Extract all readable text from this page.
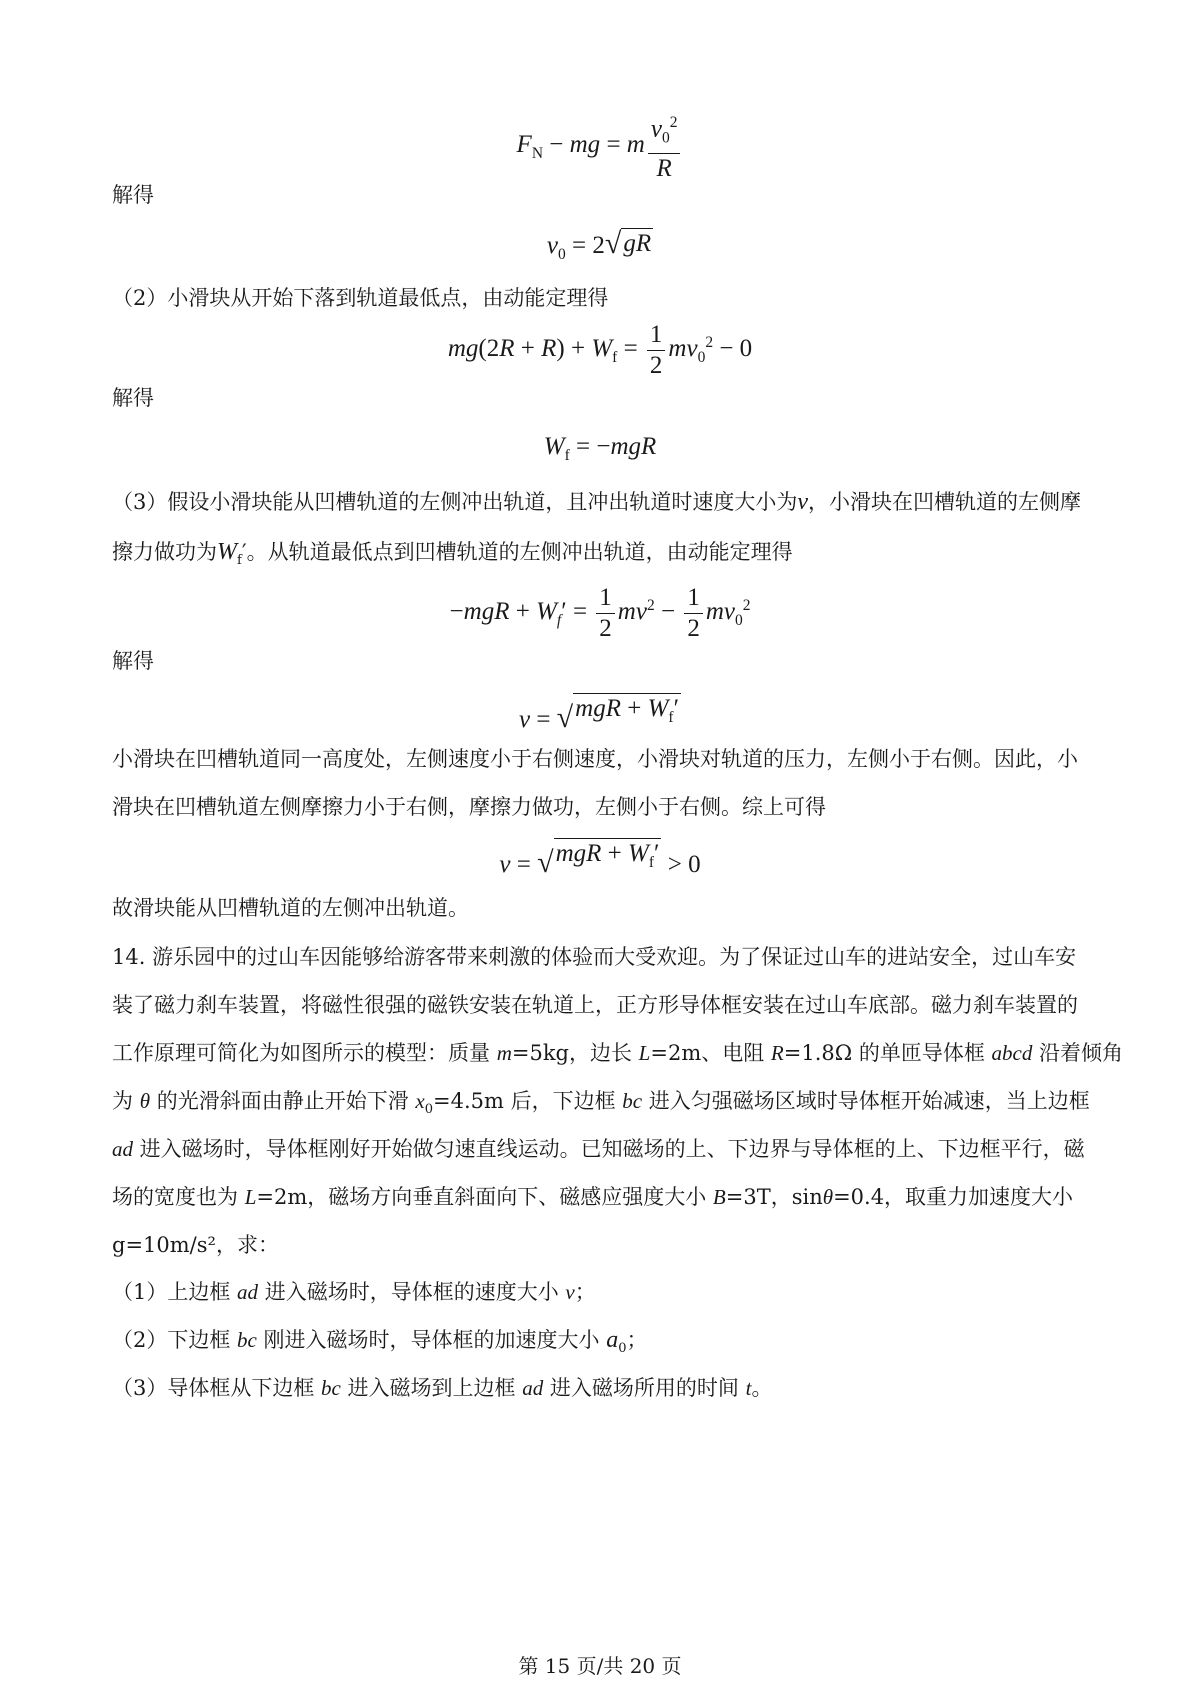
$F_N$ − mg = m $\frac{v_0^2}{R}$
解得
$v_0 = 2$ √ gR
（2）小滑块从开始下落到轨道最低点，由动能定理得
$mg(2R + R) + W_f = \frac{1}{2} mv_0^2 - 0$
解得
$W_f = -mgR$
（3）假设小滑块能从凹槽轨道的左侧冲出轨道，且冲出轨道时速度大小为v，小滑块在凹槽轨道的左侧摩
擦力做功为$W_f'$。从轨道最低点到凹槽轨道的左侧冲出轨道，由动能定理得
$-mgR + W_f' = \frac{1}{2} mv^2 - \frac{1}{2} mv_0^2$
解得
v = √ mgR + $W_f'$
小滑块在凹槽轨道同一高度处，左侧速度小于右侧速度，小滑块对轨道的压力，左侧小于右侧。因此，小
滑块在凹槽轨道左侧摩擦力小于右侧，摩擦力做功，左侧小于右侧。综上可得
v = √ mgR + $W_f' > 0$
故滑块能从凹槽轨道的左侧冲出轨道。
14. 游乐园中的过山车因能够给游客带来刺激的体验而大受欢迎。为了保证过山车的进站安全，过山车安
装了磁力刹车装置，将磁性很强的磁铁安装在轨道上，正方形导体框安装在过山车底部。磁力刹车装置的
工作原理可简化为如图所示的模型：质量 m=5kg，边长 L=2m、电阻 R=1.8Ω 的单匝导体框 abcd 沿着倾角
为 θ 的光滑斜面由静止开始下滑 $x_0=4.5m$ 后，下边框 bc 进入匀强磁场区域时导体框开始减速，当上边框
ad 进入磁场时，导体框刚好开始做匀速直线运动。已知磁场的上、下边界与导体框的上、下边框平行，磁
场的宽度也为 L=2m，磁场方向垂直斜面向下、磁感应强度大小 B=3T，sinθ=0.4，取重力加速度大小
g=10m/s²，求：
（1）上边框 ad 进入磁场时，导体框的速度大小 v；
（2）下边框 bc 刚进入磁场时，导体框的加速度大小 $a_0$；
（3）导体框从下边框 bc 进入磁场到上边框 ad 进入磁场所用的时间 t。
第 15 页/共 20 页
